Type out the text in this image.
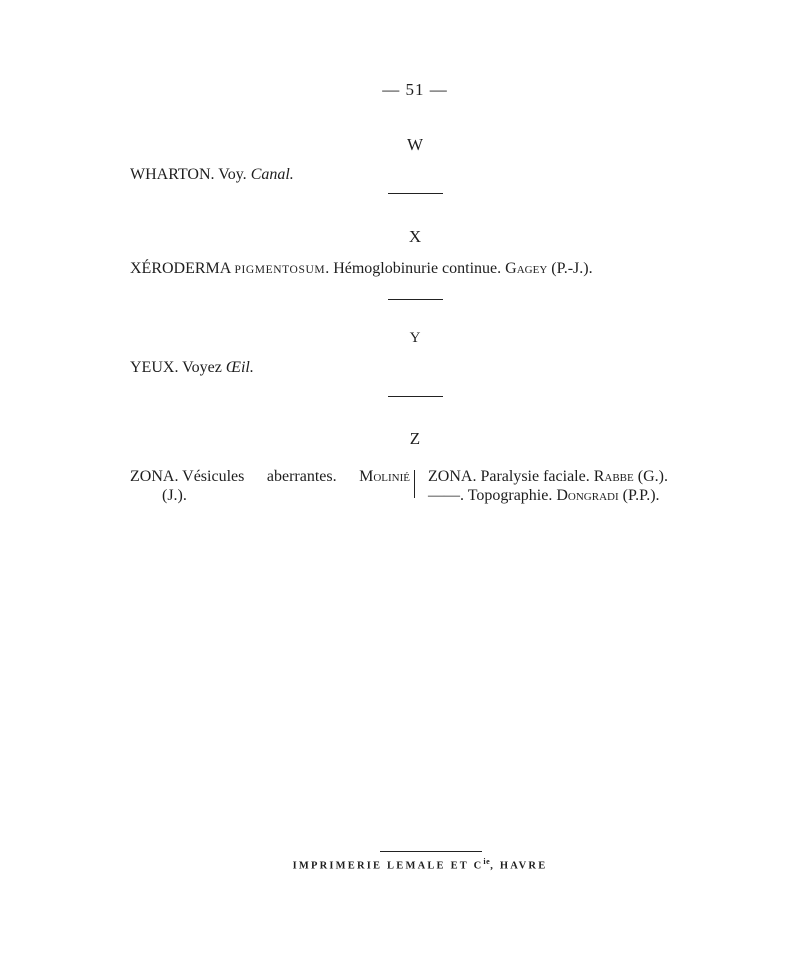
— 51 —
W
WHARTON. Voy. Canal.
X
XÉRODERMA PIGMENTOSUM. Hémoglobinurie continue. Gagey (P.-J.).
Y
YEUX. Voyez Œil.
Z
ZONA. Vésicules aberrantes. Molinié
(J.).
ZONA. Paralysie faciale. Rabbe (G.).
——. Topographie. Dongradi (P.P.).
IMPRIMERIE LEMALE ET $C^{ie}$, HAVRE
